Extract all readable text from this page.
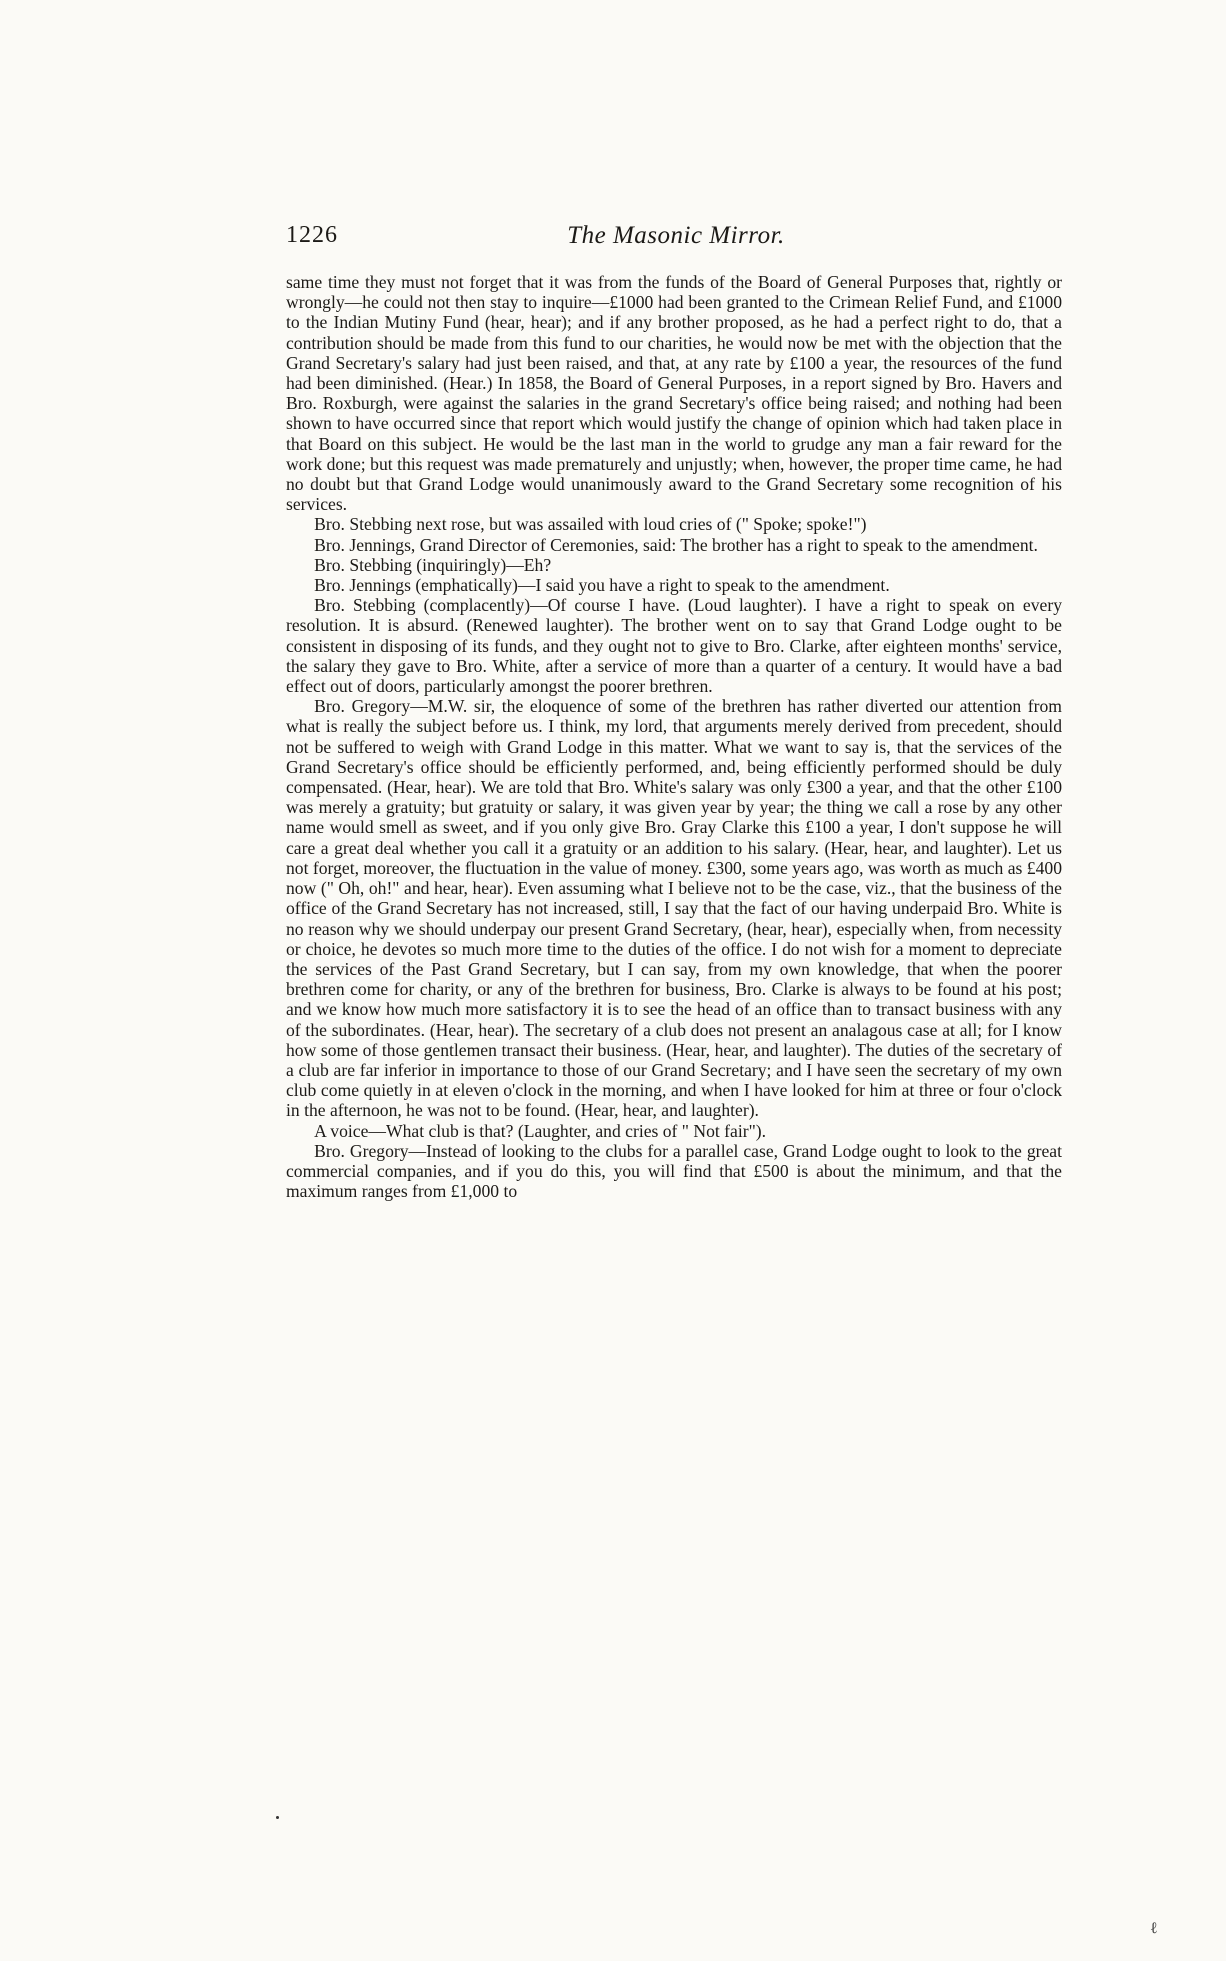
1226	The Masonic Mirror.

same time they must not forget that it was from the funds of the Board of General Purposes that, rightly or wrongly—he could not then stay to inquire—£1000 had been granted to the Crimean Relief Fund, and £1000 to the Indian Mutiny Fund (hear, hear); and if any brother proposed, as he had a perfect right to do, that a contribution should be made from this fund to our charities, he would now be met with the objection that the Grand Secretary's salary had just been raised, and that, at any rate by £100 a year, the resources of the fund had been diminished. (Hear.) In 1858, the Board of General Purposes, in a report signed by Bro. Havers and Bro. Roxburgh, were against the salaries in the grand Secretary's office being raised; and nothing had been shown to have occurred since that report which would justify the change of opinion which had taken place in that Board on this subject. He would be the last man in the world to grudge any man a fair reward for the work done; but this request was made prematurely and unjustly; when, however, the proper time came, he had no doubt but that Grand Lodge would unanimously award to the Grand Secretary some recognition of his services.

Bro. Stebbing next rose, but was assailed with loud cries of (" Spoke; spoke!")

Bro. Jennings, Grand Director of Ceremonies, said: The brother has a right to speak to the amendment.

Bro. Stebbing (inquiringly)—Eh?

Bro. Jennings (emphatically)—I said you have a right to speak to the amendment.

Bro. Stebbing (complacently)—Of course I have. (Loud laughter). I have a right to speak on every resolution. It is absurd. (Renewed laughter). The brother went on to say that Grand Lodge ought to be consistent in disposing of its funds, and they ought not to give to Bro. Clarke, after eighteen months' service, the salary they gave to Bro. White, after a service of more than a quarter of a century. It would have a bad effect out of doors, particularly amongst the poorer brethren.

Bro. Gregory—M.W. sir, the eloquence of some of the brethren has rather diverted our attention from what is really the subject before us. I think, my lord, that arguments merely derived from precedent, should not be suffered to weigh with Grand Lodge in this matter. What we want to say is, that the services of the Grand Secretary's office should be efficiently performed, and, being efficiently performed should be duly compensated. (Hear, hear). We are told that Bro. White's salary was only £300 a year, and that the other £100 was merely a gratuity; but gratuity or salary, it was given year by year; the thing we call a rose by any other name would smell as sweet, and if you only give Bro. Gray Clarke this £100 a year, I don't suppose he will care a great deal whether you call it a gratuity or an addition to his salary. (Hear, hear, and laughter). Let us not forget, moreover, the fluctuation in the value of money. £300, some years ago, was worth as much as £400 now (" Oh, oh!" and hear, hear). Even assuming what I believe not to be the case, viz., that the business of the office of the Grand Secretary has not increased, still, I say that the fact of our having underpaid Bro. White is no reason why we should underpay our present Grand Secretary, (hear, hear), especially when, from necessity or choice, he devotes so much more time to the duties of the office. I do not wish for a moment to depreciate the services of the Past Grand Secretary, but I can say, from my own knowledge, that when the poorer brethren come for charity, or any of the brethren for business, Bro. Clarke is always to be found at his post; and we know how much more satisfactory it is to see the head of an office than to transact business with any of the subordinates. (Hear, hear). The secretary of a club does not present an analagous case at all; for I know how some of those gentlemen transact their business. (Hear, hear, and laughter). The duties of the secretary of a club are far inferior in importance to those of our Grand Secretary; and I have seen the secretary of my own club come quietly in at eleven o'clock in the morning, and when I have looked for him at three or four o'clock in the afternoon, he was not to be found. (Hear, hear, and laughter).

A voice—What club is that? (Laughter, and cries of " Not fair").

Bro. Gregory—Instead of looking to the clubs for a parallel case, Grand Lodge ought to look to the great commercial companies, and if you do this, you will find that £500 is about the minimum, and that the maximum ranges from £1,000 to

ℓ
